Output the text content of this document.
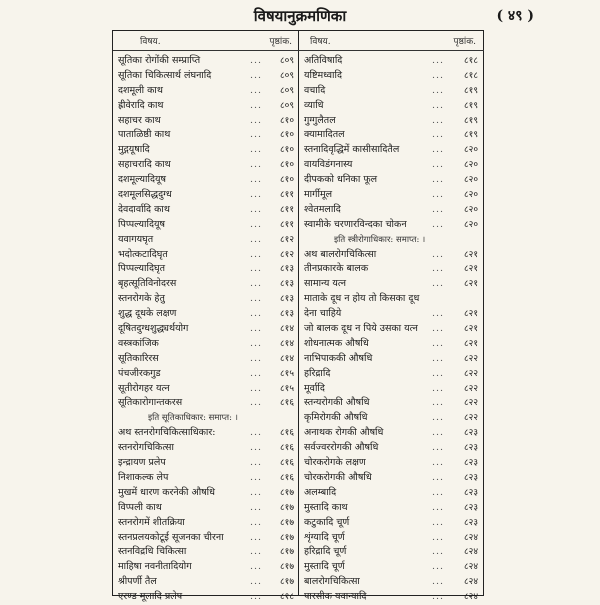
विषयानुक्रमणिका	( ४९ )
विषय.	पृष्ठांक. विषय.	पृष्ठांक.
सूतिका रोगोंकी सम्प्राप्ति	... ८०९
सूतिका चिकित्सार्थ लंघनादि	... ८०९
दशमूली काथ	... ८०९
ह्रीवेरादि काथ	... ८०९
सहाचर काथ	... ८१०
पाताळिष्ठी काथ	... ८१०
मुद्गयूषादि	... ८१०
सहाचरादि काथ	... ८१०
दशमूल्यादियूष	... ८१०
दशमूलसिद्धदुग्ध	... ८११
देवदार्वादि काथ	... ८११
पिप्पल्यादियूष	... ८११
यवागयघृत	... ८१२
भदोत्कटादिघृत	... ८१२
पिप्पल्यादिघृत	... ८१३
बृहत्सूतिविनोदरस	... ८१३
स्तनरोगके हेतु	... ८१३
शुद्ध दूधके लक्षण	... ८१३
दूषितदुग्धशुद्ध्यर्थयोग	... ८१४
वस्त्रकांजिक	... ८१४
सूतिकारिरस	... ८१४
पंचजीरकगुड	... ८१५
सूतीरोगहर यत्न	... ८१५
सूतिकारोगान्तकरस	... ८१६
इति सूतिकाधिकार: समाप्त: ।
अथ स्तनरोगचिकित्साधिकार:	... ८१६
स्तनरोगचिकित्सा	... ८१६
इन्द्रायण प्रलेप	... ८१६
निशाकल्क लेप	... ८१६
मुखमें धारण करनेकी औषधि	... ८१७
विप्पली काथ	... ८१७
स्तनरोगमें शीतक्रिया	... ८१७
स्तनप्रलयकोटूई सूजनका चीरना	... ८१७
स्तनविद्रधि चिकित्सा	... ८१७
माहिषा नवनीतादियोग	... ८१७
श्रीपर्णी तैल	... ८१७
एरण्ड मूलादि प्रलेप	... ८१८
अतिविषादि	... ८१८
यष्टिमध्वादि	... ८१८
वचादि	... ८१९
व्याधि	... ८१९
गुग्गुलैतल	... ८१९
क्यामादितल	... ८१९
स्तनादिवृद्धिमें कासीसादितैल	... ८२०
वायविडंगनास्य	... ८२०
दीपकको धनिका फूल	... ८२०
मार्गीमूल	... ८२०
श्वेतमलादि	... ८२०
स्वामीके चरणारविन्दका चोकन	... ८२०
इति स्त्रीरोगाधिकार: समाप्त: ।
अथ बालरोगचिकित्सा	... ८२१
तीनप्रकारके बालक	... ८२१
सामान्य यत्न	... ८२१
माताके दूध न होय तो किसका दूध
देना चाहिये	... ८२१
जो बालक दूध न पिये उसका यत्न ... ८२१
शोधनात्मक औषधि	... ८२१
नाभिपाककी औषधि	... ८२२
हरिद्रादि	... ८२२
मूर्वादि	... ८२२
स्तन्यरोगकी औषधि	... ८२२
कृमिरोगकी औषधि	... ८२२
अनाथक रोगकी औषधि	... ८२३
सर्वज्वररोगकी औषधि	... ८२३
चोरकरोगके लक्षण	... ८२३
चोरकरोगकी औषधि	... ८२३
अलम्बादि	... ८२३
मुस्तादि काथ	... ८२३
कटुकादि चूर्ण	... ८२३
शृंग्यादि चूर्ण	... ८२४
हरिद्रादि चूर्ण	... ८२४
मुस्तादि चूर्ण	... ८२४
बालरोगचिकित्सा	... ८२४
पारसीक यवान्यादि	... ८२४
